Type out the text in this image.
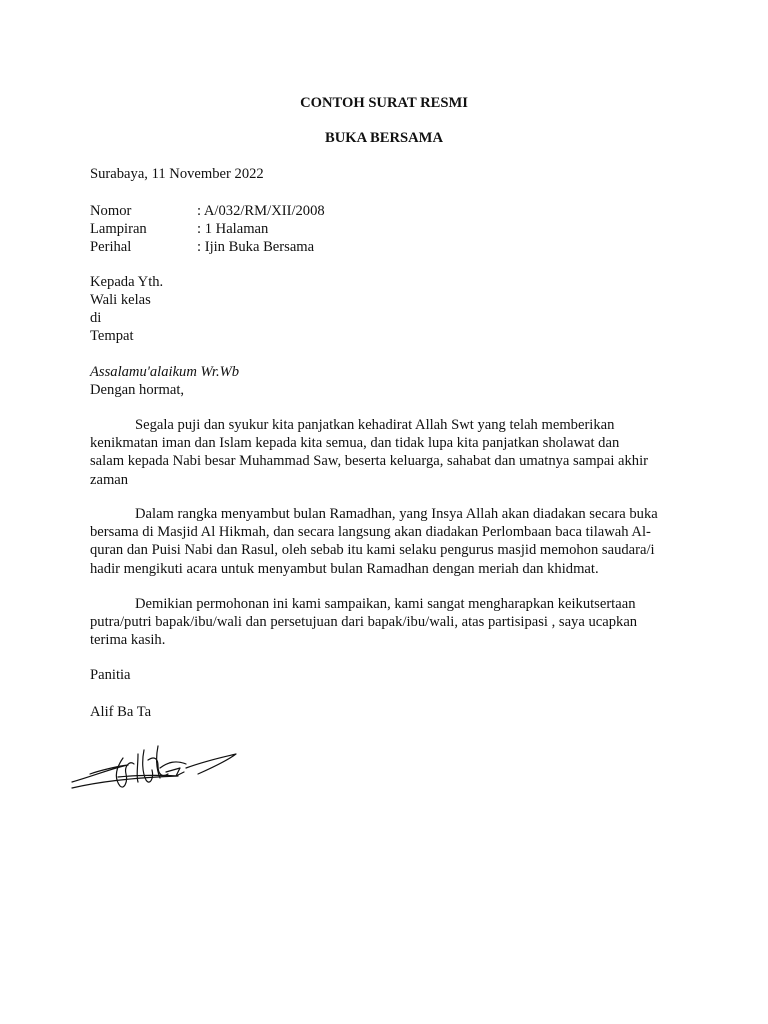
CONTOH SURAT RESMI
BUKA BERSAMA
Surabaya, 11 November 2022
Nomor	: A/032/RM/XII/2008
Lampiran	: 1 Halaman
Perihal	: Ijin Buka Bersama
Kepada Yth.
Wali kelas
di
Tempat
Assalamu'alaikum Wr.Wb
Dengan hormat,
Segala puji dan syukur kita panjatkan kehadirat Allah Swt yang telah memberikan
kenikmatan iman dan Islam kepada kita semua, dan tidak lupa kita panjatkan sholawat dan
salam kepada Nabi besar Muhammad Saw, beserta keluarga, sahabat dan umatnya sampai akhir
zaman
Dalam rangka menyambut bulan Ramadhan, yang Insya Allah akan diadakan secara buka
bersama di Masjid Al Hikmah, dan secara langsung akan diadakan Perlombaan baca tilawah Al-
quran dan Puisi Nabi dan Rasul, oleh sebab itu kami selaku pengurus masjid memohon saudara/i
hadir mengikuti acara untuk menyambut bulan Ramadhan dengan meriah dan khidmat.
Demikian permohonan ini kami sampaikan, kami sangat mengharapkan keikutsertaan
putra/putri bapak/ibu/wali dan persetujuan dari bapak/ibu/wali, atas partisipasi , saya ucapkan
terima kasih.
Panitia
Alif Ba Ta
